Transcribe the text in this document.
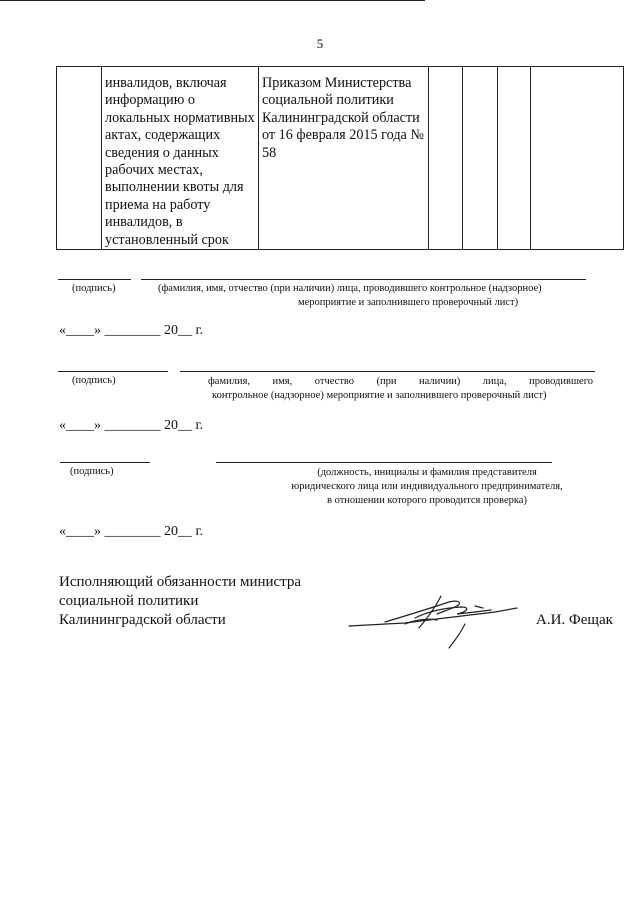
5
	инвалидов, включая информацию о локальных нормативных актах, содержащих сведения о данных рабочих местах, выполнении квоты для приема на работу инвалидов, в установленный срок	Приказом Министерства социальной политики Калининградской области от 16 февраля 2015 года № 58				
(подпись)	(фамилия, имя, отчество (при наличии) лица, проводившего контрольное (надзорное)
мероприятие и заполнившего проверочный лист)
«____» ________ 20__ г.
(подпись)	фамилия, имя, отчество (при наличии) лица, проводившего
контрольное (надзорное) мероприятие и заполнившего проверочный лист)
«____» ________ 20__ г.
(подпись)	(должность, инициалы и фамилия представителя
юридического лица или индивидуального предпринимателя,
в отношении которого проводится проверка)
«____» ________ 20__ г.
Исполняющий обязанности министра
социальной политики
Калининградской области	А.И. Фещак
